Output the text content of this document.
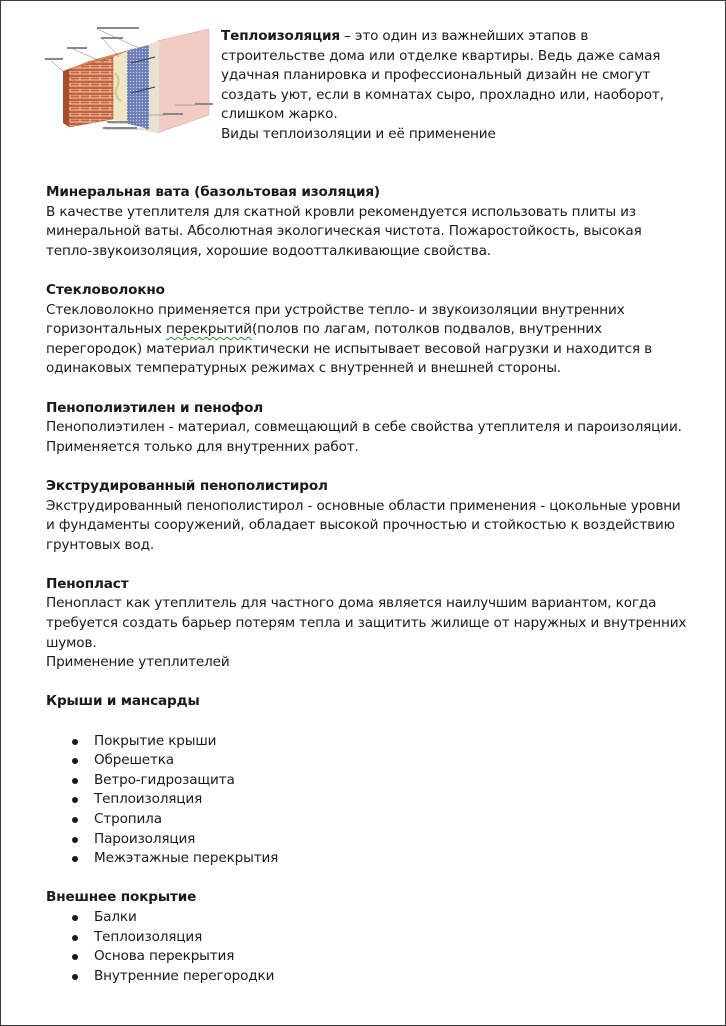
Теплоизоляция – это один из важнейших этапов в строительстве дома или отделке квартиры. Ведь даже самая удачная планировка и профессиональный дизайн не смогут создать уют, если в комнатах сыро, прохладно или, наоборот, слишком жарко.

Виды теплоизоляции и её применение

Минеральная вата (базольтовая изоляция)

В качестве утеплителя для скатной кровли рекомендуется использовать плиты из минеральной ваты. Абсолютная экологическая чистота. Пожаростойкость, высокая тепло-звукоизоляция, хорошие водоотталкивающие свойства.

Стекловолокно

Стекловолокно применяется при устройстве тепло- и звукоизоляции внутренних горизонтальных перекрытий(полов по лагам, потолков подвалов, внутренних перегородок) материал приктически не испытывает весовой нагрузки и находится в одинаковых температурных режимах с внутренней и внешней стороны.

Пенополиэтилен и пенофол

Пенополиэтилен - материал, совмещающий в себе свойства утеплителя и пароизоляции. Применяется только для внутренних работ.

Экструдированный пенополистирол

Экструдированный пенополистирол - основные области применения - цокольные уровни и фундаменты сооружений, обладает высокой прочностью и стойкостью к воздействию грунтовых вод.

Пенопласт

Пенопласт как утеплитель для частного дома является наилучшим вариантом, когда требуется создать барьер потерям тепла и защитить жилище от наружных и внутренних шумов.

Применение утеплителей

Крыши и мансарды

Покрытие крыши
Обрешетка
Ветро-гидрозащита
Теплоизоляция
Стропила
Пароизоляция
Межэтажные перекрытия

Внешнее покрытие

Балки
Теплоизоляция
Основа перекрытия
Внутренние перегородки
